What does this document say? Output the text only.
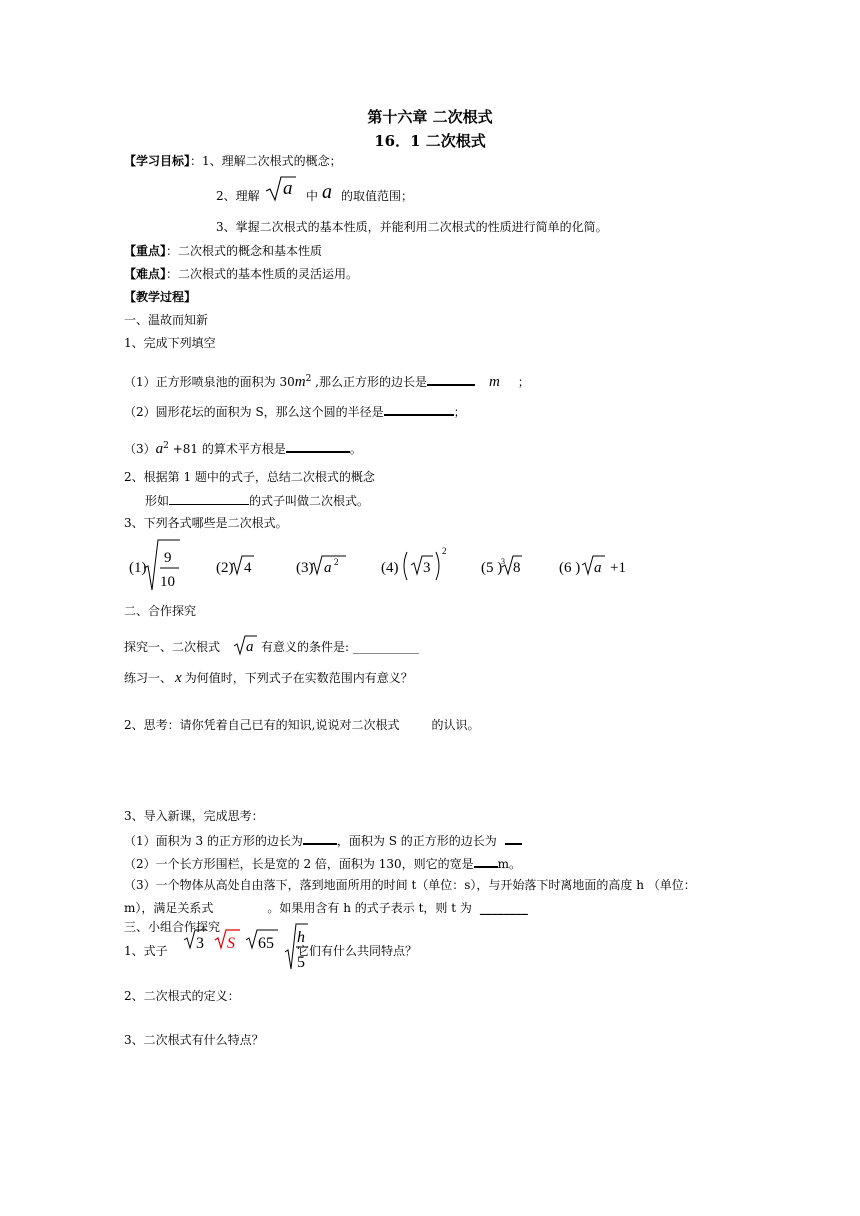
第十六章 二次根式
16．1 二次根式
【学习目标】：1、理解二次根式的概念；
2、理解 a 中 a 的取值范围；
3、掌握二次根式的基本性质，并能利用二次根式的性质进行简单的化简。
【重点】：二次根式的概念和基本性质
【难点】：二次根式的基本性质的灵活运用。
【教学过程】
一、温故而知新
1、完成下列填空
（1）正方形喷泉池的面积为 $30m^2$ ,那么正方形的边长是	m ；
（2）圆形花坛的面积为 S，那么这个圆的半径是	；
$(3)a^2 +81$ 的算术平方根是	。
2、根据第 1 题中的式子，总结二次根式的概念
形如	的式子叫做二次根式。
3、下列各式哪些是二次根式。
(1)
9
10
(2) 4	(3) a 2	(4) 3
2
(5 )
3 8	(6 ) a +1
二、合作探究
探究一、二次根式 a 有意义的条件是: ___________
练习一、 x 为何值时，下列式子在实数范围内有意义？
2、思考：请你凭着自己已有的知识,说说对二次根式	的认识。
3、导入新课，完成思考：
（1）面积为 3 的正方形的边长为	，面积为 S 的正方形的边长为
（2）一个长方形围栏，长是宽的 2 倍，面积为 130，则它的宽是 m。
（3）一个物体从高处自由落下，落到地面所用的时间 t（单位：s），与开始落下时离地面的高度 h （单位：
m），满足关系式	。如果用含有 h 的式子表示 t，则 t 为 ________
三、小组合作探究
1、式子 3 S 65 h
5
它们有什么共同特点？
2、二次根式的定义：
3、二次根式有什么特点？
